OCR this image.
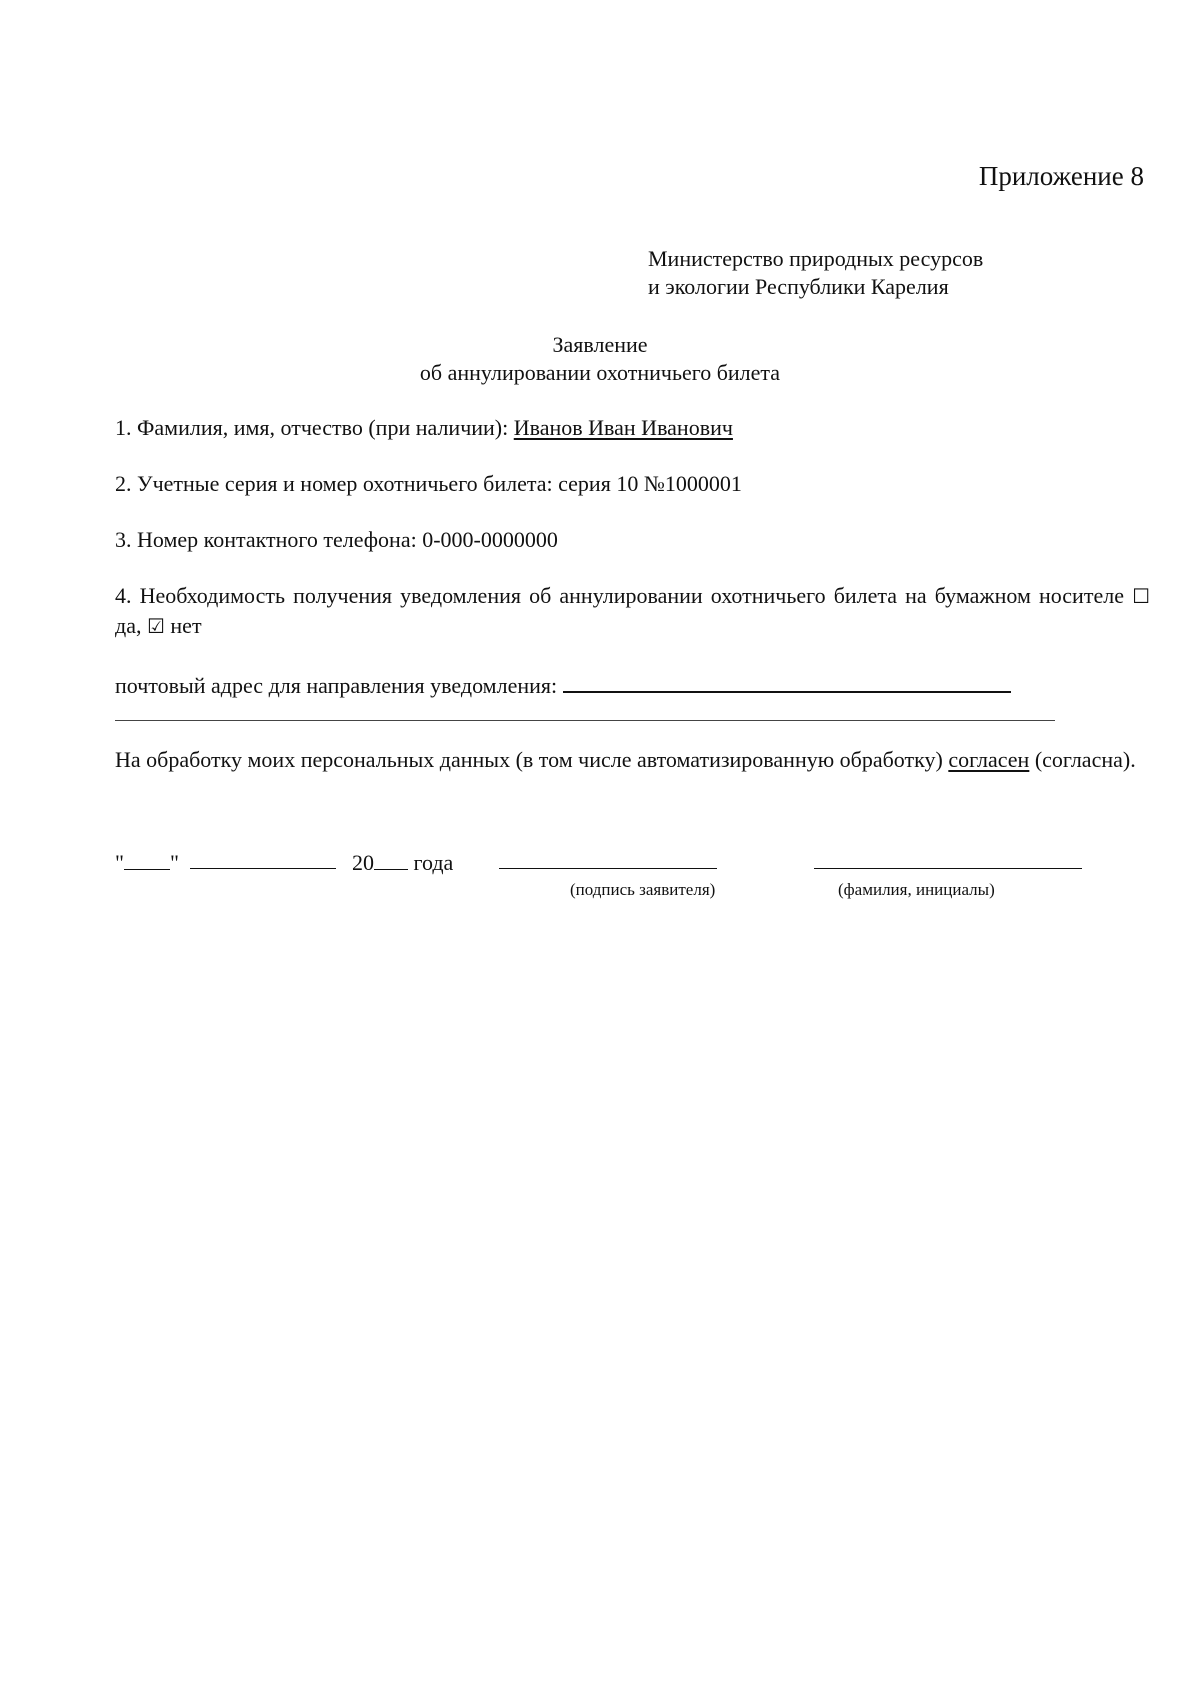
Приложение 8
Министерство природных ресурсов
и экологии Республики Карелия
Заявление
об аннулировании охотничьего билета
1. Фамилия, имя, отчество (при наличии): Иванов Иван Иванович
2. Учетные серия и номер охотничьего билета: серия 10 №1000001
3. Номер контактного телефона: 0-000-0000000
4. Необходимость получения уведомления об аннулировании охотничьего билета на бумажном носителе ☐ да, ☑ нет
почтовый адрес для направления уведомления:
На обработку моих персональных данных (в том числе автоматизированную обработку) согласен (согласна).
" "	20 года
(подпись заявителя)	(фамилия, инициалы)
